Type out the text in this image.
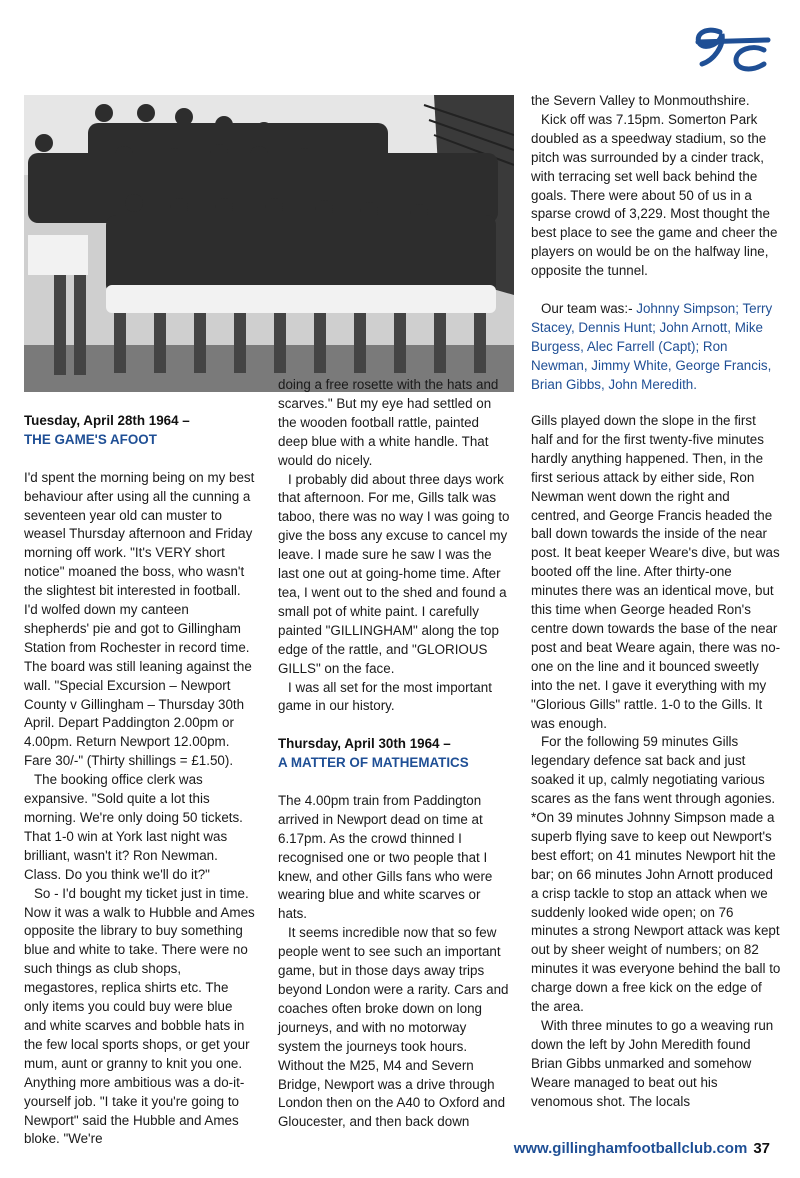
Tuesday, April 28th 1964 –
THE GAME'S AFOOT

I'd spent the morning being on my best behaviour after using all the cunning a seventeen year old can muster to weasel Thursday afternoon and Friday morning off work. "It's VERY short notice" moaned the boss, who wasn't the slightest bit interested in football. I'd wolfed down my canteen shepherds' pie and got to Gillingham Station from Rochester in record time. The board was still leaning against the wall. "Special Excursion – Newport County v Gillingham – Thursday 30th April. Depart Paddington 2.00pm or 4.00pm. Return Newport 12.00pm. Fare 30/-" (Thirty shillings = £1.50).

The booking office clerk was expansive. "Sold quite a lot this morning. We're only doing 50 tickets. That 1-0 win at York last night was brilliant, wasn't it? Ron Newman. Class. Do you think we'll do it?"

So - I'd bought my ticket just in time. Now it was a walk to Hubble and Ames opposite the library to buy something blue and white to take. There were no such things as club shops, megastores, replica shirts etc. The only items you could buy were blue and white scarves and bobble hats in the few local sports shops, or get your mum, aunt or granny to knit you one. Anything more ambitious was a do-it-yourself job. "I take it you're going to Newport" said the Hubble and Ames bloke. "We're

doing a free rosette with the hats and scarves." But my eye had settled on the wooden football rattle, painted deep blue with a white handle. That would do nicely.

I probably did about three days work that afternoon. For me, Gills talk was taboo, there was no way I was going to give the boss any excuse to cancel my leave. I made sure he saw I was the last one out at going-home time. After tea, I went out to the shed and found a small pot of white paint. I carefully painted "GILLINGHAM" along the top edge of the rattle, and "GLORIOUS GILLS" on the face.

I was all set for the most important game in our history.

Thursday, April 30th 1964 –
A MATTER OF MATHEMATICS

The 4.00pm train from Paddington arrived in Newport dead on time at 6.17pm. As the crowd thinned I recognised one or two people that I knew, and other Gills fans who were wearing blue and white scarves or hats.

It seems incredible now that so few people went to see such an important game, but in those days away trips beyond London were a rarity. Cars and coaches often broke down on long journeys, and with no motorway system the journeys took hours. Without the M25, M4 and Severn Bridge, Newport was a drive through London then on the A40 to Oxford and Gloucester, and then back down

the Severn Valley to Monmouthshire.

Kick off was 7.15pm. Somerton Park doubled as a speedway stadium, so the pitch was surrounded by a cinder track, with terracing set well back behind the goals. There were about 50 of us in a sparse crowd of 3,229. Most thought the best place to see the game and cheer the players on would be on the halfway line, opposite the tunnel.

Our team was:- Johnny Simpson; Terry Stacey, Dennis Hunt; John Arnott, Mike Burgess, Alec Farrell (Capt); Ron Newman, Jimmy White, George Francis, Brian Gibbs, John Meredith.

Gills played down the slope in the first half and for the first twenty-five minutes hardly anything happened. Then, in the first serious attack by either side, Ron Newman went down the right and centred, and George Francis headed the ball down towards the inside of the near post. It beat keeper Weare's dive, but was booted off the line. After thirty-one minutes there was an identical move, but this time when George headed Ron's centre down towards the base of the near post and beat Weare again, there was no-one on the line and it bounced sweetly into the net. I gave it everything with my "Glorious Gills" rattle. 1-0 to the Gills. It was enough.

For the following 59 minutes Gills legendary defence sat back and just soaked it up, calmly negotiating various scares as the fans went through agonies. *On 39 minutes Johnny Simpson made a superb flying save to keep out Newport's best effort; on 41 minutes Newport hit the bar; on 66 minutes John Arnott produced a crisp tackle to stop an attack when we suddenly looked wide open; on 76 minutes a strong Newport attack was kept out by sheer weight of numbers; on 82 minutes it was everyone behind the ball to charge down a free kick on the edge of the area.

With three minutes to go a weaving run down the left by John Meredith found Brian Gibbs unmarked and somehow Weare managed to beat out his venomous shot. The locals

www.gillinghamfootballclub.com 37
